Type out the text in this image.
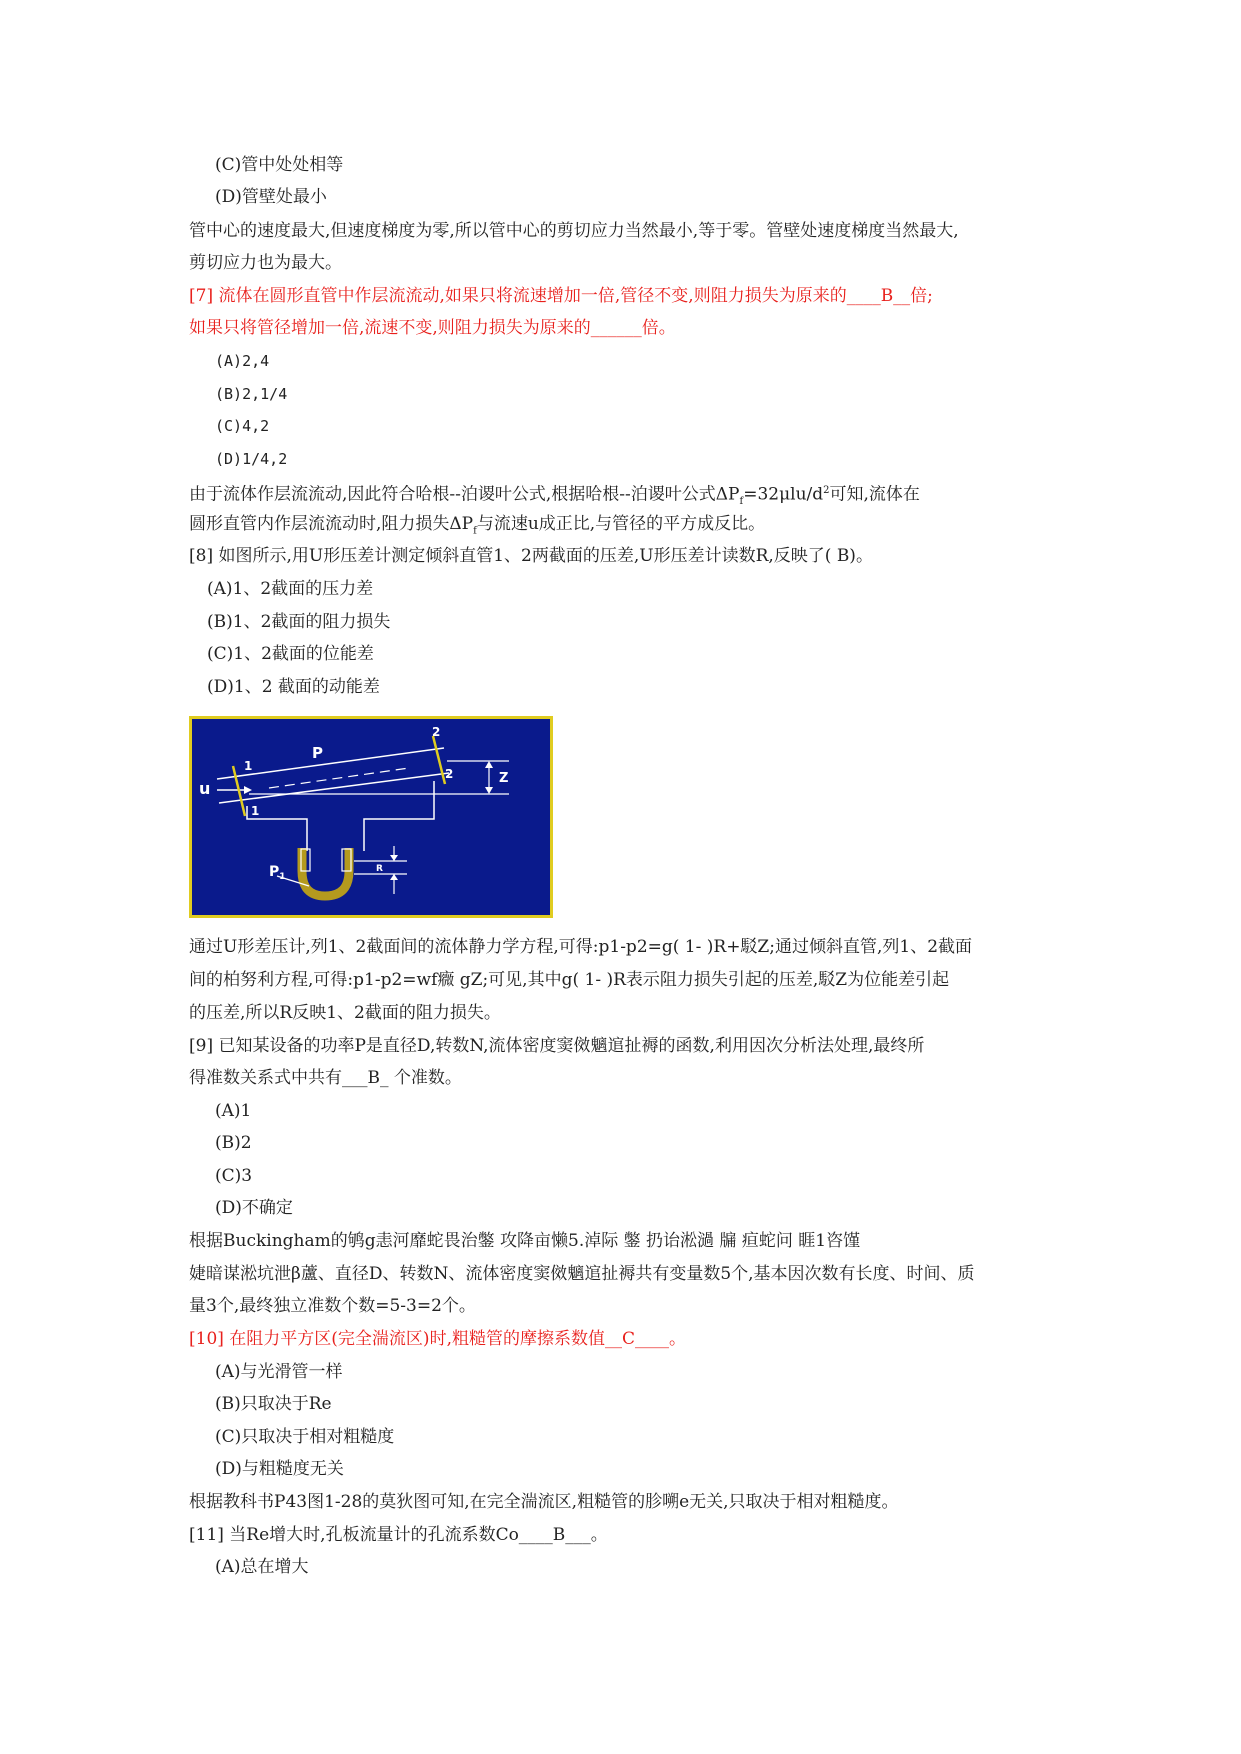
(C)管中处处相等
(D)管壁处最小
管中心的速度最大,但速度梯度为零,所以管中心的剪切应力当然最小,等于零。管壁处速度梯度当然最大,
剪切应力也为最大。
[7] 流体在圆形直管中作层流流动,如果只将流速增加一倍,管径不变,则阻力损失为原来的____B__倍;
如果只将管径增加一倍,流速不变,则阻力损失为原来的______倍。
(A)2,4
(B)2,1/4
(C)4,2
(D)1/4,2
由于流体作层流流动,因此符合哈根--泊谡叶公式,根据哈根--泊谡叶公式$\Delta P_f=32\mu lu/d^2$可知,流体在
圆形直管内作层流流动时,阻力损失$\Delta P_f$与流速u成正比,与管径的平方成反比。
[8] 如图所示,用U形压差计测定倾斜直管1、2两截面的压差,U形压差计读数R,反映了( B)。
(A)1、2截面的压力差
(B)1、2截面的阻力损失
(C)1、2截面的位能差
(D)1、2 截面的动能差
P
u
1
1
2
2	Z
R
$P_1$
通过U形差压计,列1、2截面间的流体静力学方程,可得:p1-p2=g( 1- )R+駁Z;通过倾斜直管,列1、2截面
间的柏努利方程,可得:p1-p2=wf癓 gZ;可见,其中g( 1- )R表示阻力损失引起的压差,駁Z为位能差引起
的压差,所以R反映1、2截面的阻力损失。
[9] 已知某设备的功率P是直径D,转数N,流体密度窦傚魑逭扯褥的函数,利用因次分析法处理,最终所
得准数关系式中共有___B_ 个准数。
(A)1
(B)2
(C)3
(D)不确定
根据Buckingham的鸲g恚河靡蛇畏治鐅 攻降亩懒5.淖际 鐅 扔诒淞濄 牖 疸蛇问 睚1咨馑
婕暗谋淞坑泄β蘆、直径D、转数N、流体密度窦傚魑逭扯褥共有变量数5个,基本因次数有长度、时间、质
量3个,最终独立准数个数=5-3=2个。
[10] 在阻力平方区(完全湍流区)时,粗糙管的摩擦系数值__C____。
(A)与光滑管一样
(B)只取决于Re
(C)只取决于相对粗糙度
(D)与粗糙度无关
根据教科书P43图1-28的莫狄图可知,在完全湍流区,粗糙管的胗嗍e无关,只取决于相对粗糙度。
[11] 当Re增大时,孔板流量计的孔流系数Co____B___。
(A)总在增大
